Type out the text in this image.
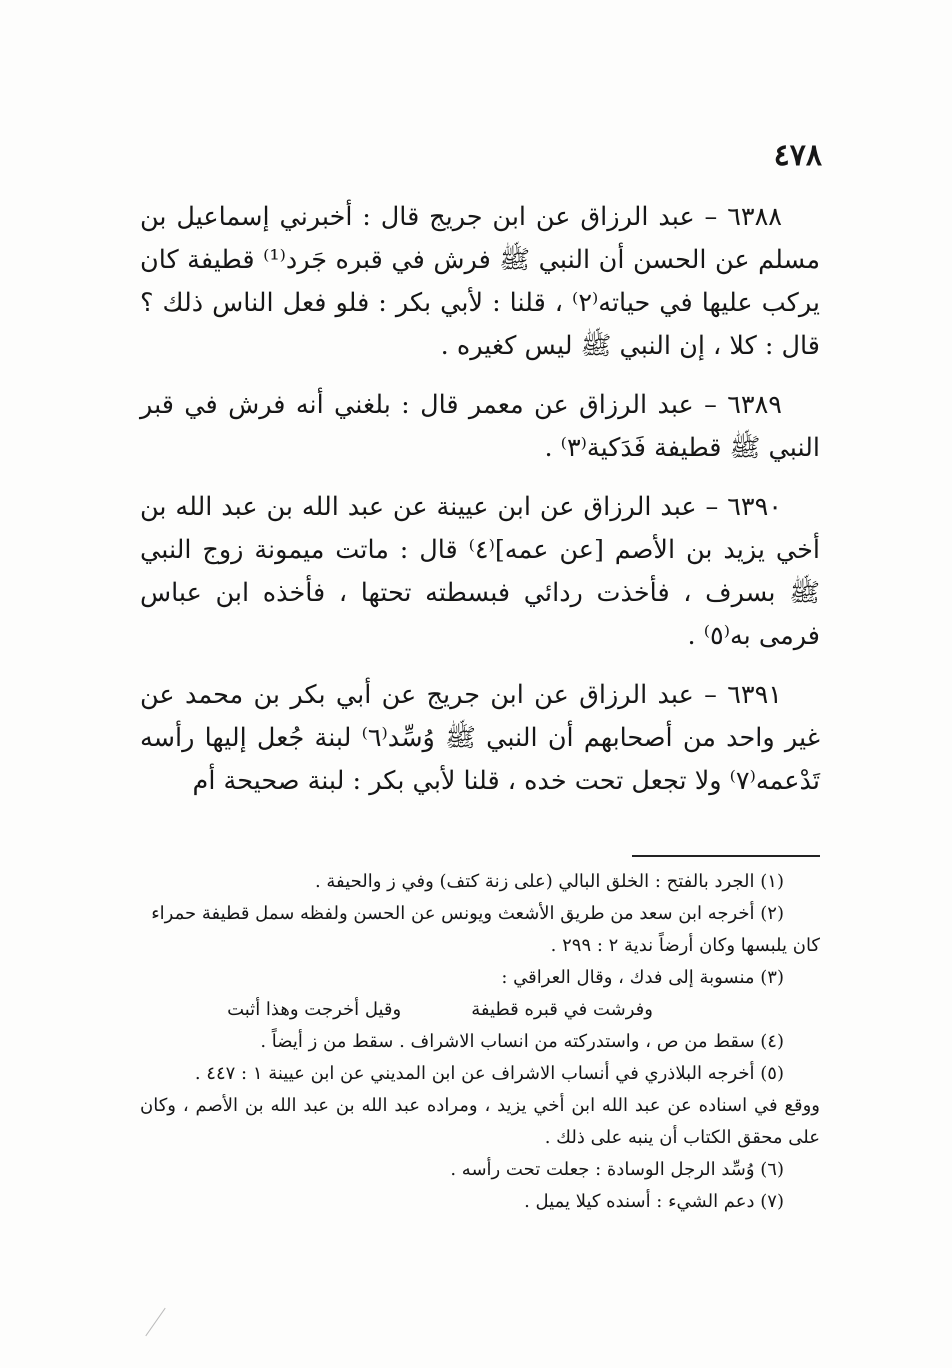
٤٧٨

٦٣٨٨ – عبد الرزاق عن ابن جريج قال : أخبرني إسماعيل بن مسلم عن الحسن أن النبي ﷺ فرش في قبره جَرد⁽¹⁾ قطيفة كان يركب عليها في حياته⁽٢⁾ ، قلنا : لأبي بكر : فلو فعل الناس ذلك ؟ قال : كلا ، إن النبي ﷺ ليس كغيره .

٦٣٨٩ – عبد الرزاق عن معمر قال : بلغني أنه فرش في قبر النبي ﷺ قطيفة فَدَكية⁽٣⁾ .

٦٣٩٠ – عبد الرزاق عن ابن عيينة عن عبد الله بن عبد الله بن أخي يزيد بن الأصم [عن عمه]⁽٤⁾ قال : ماتت ميمونة زوج النبي ﷺ بسرف ، فأخذت ردائي فبسطته تحتها ، فأخذه ابن عباس فرمى به⁽٥⁾ .

٦٣٩١ – عبد الرزاق عن ابن جريج عن أبي بكر بن محمد عن غير واحد من أصحابهم أن النبي ﷺ وُسِّد⁽٦⁾ لبنة جُعل إليها رأسه تَدْعمه⁽٧⁾ ولا تجعل تحت خده ، قلنا لأبي بكر : لبنة صحيحة أم

(١) الجرد بالفتح : الخلق البالي (على زنة كتف) وفي ز والحيفة .

(٢) أخرجه ابن سعد من طريق الأشعث ويونس عن الحسن ولفظه سمل قطيفة حمراء

كان يلبسها وكان أرضاً ندية ٢ : ٢٩٩ .

(٣) منسوبة إلى فدك ، وقال العراقي :

وفرشت في قبره قطيفة
وقيل أخرجت وهذا أثبت

(٤) سقط من ص ، واستدركته من انساب الاشراف . سقط من ز أيضاً .

(٥) أخرجه البلاذري في أنساب الاشراف عن ابن المديني عن ابن عيينة ١ : ٤٤٧ .

ووقع في اسناده عن عبد الله ابن أخي يزيد ، ومراده عبد الله بن عبد الله بن الأصم ، وكان على محقق الكتاب أن ينبه على ذلك .

(٦) وُسِّد الرجل الوسادة : جعلت تحت رأسه .

(٧) دعم الشيء : أسنده كيلا يميل .
